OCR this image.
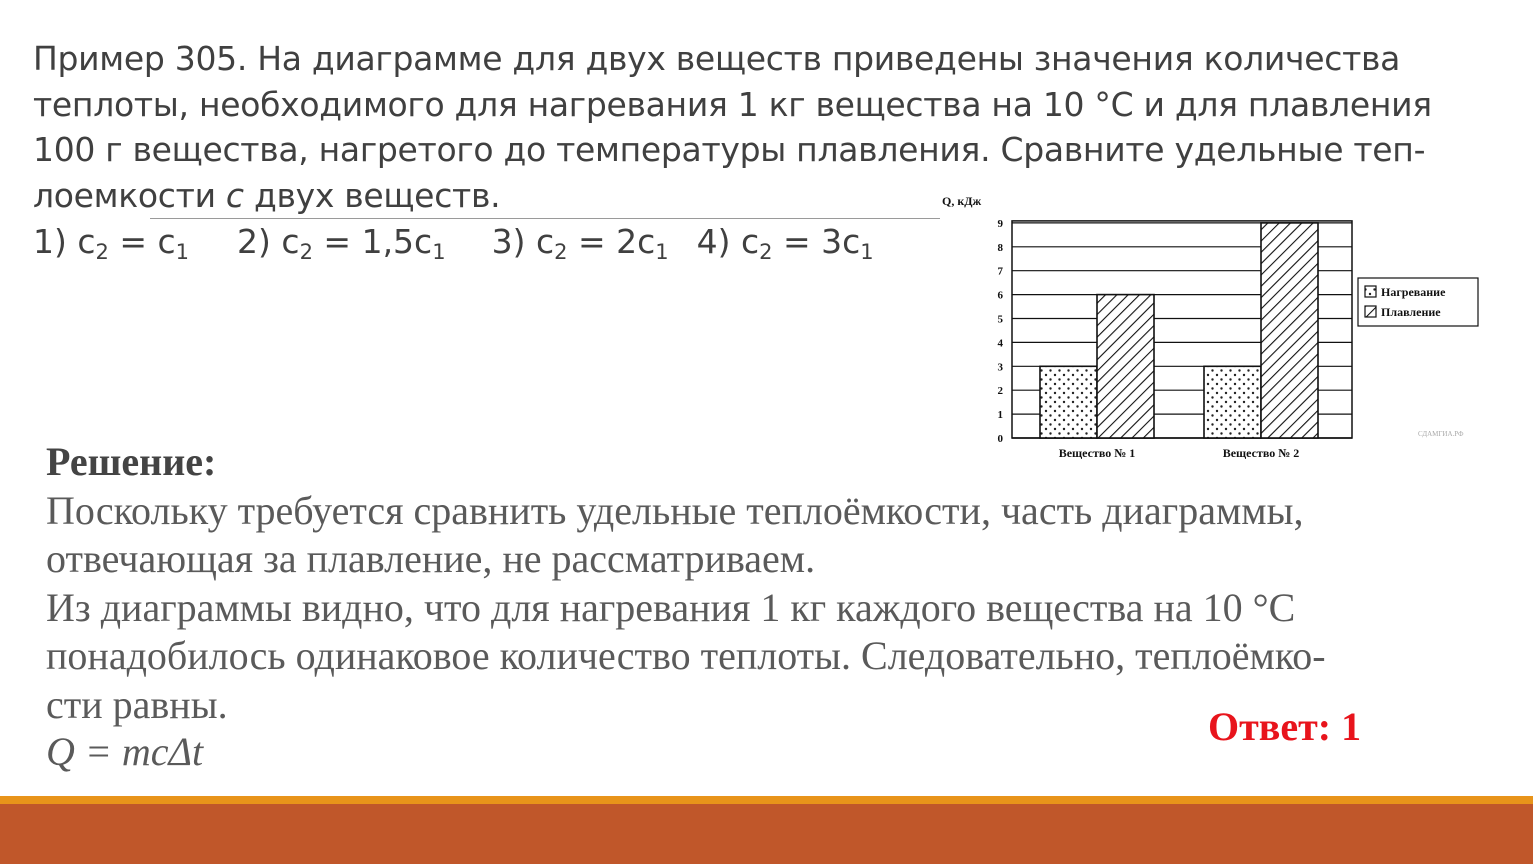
Пример 305. На диаграмме для двух веществ приведены значения количества
теплоты, необходимого для нагревания 1 кг вещества на 10 °С и для плавления
100 г вещества, нагретого до температуры плавления. Сравните удельные теп-
лоемкости с двух веществ.
1) $c_2 = c_1$ 2) $c_2 = 1,5c_1$ 3) $c_2 = 2c_1$ 4) $c_2 = 3c_1$
0
1
2
3
4
5
6
7
8
9
Вещество № 1	Вещество № 2
Q, кДж
Нагревание
Плавление
СДАМГИА.РФ
Решение:
Поскольку требуется сравнить удельные теплоёмкости, часть диаграммы,
отвечающая за плавление, не рассматриваем.
Из диаграммы видно, что для нагревания 1 кг каждого вещества на 10 °С
понадобилось одинаковое количество теплоты. Следовательно, теплоёмко-
сти равны.
Q = mcΔt
Ответ: 1
